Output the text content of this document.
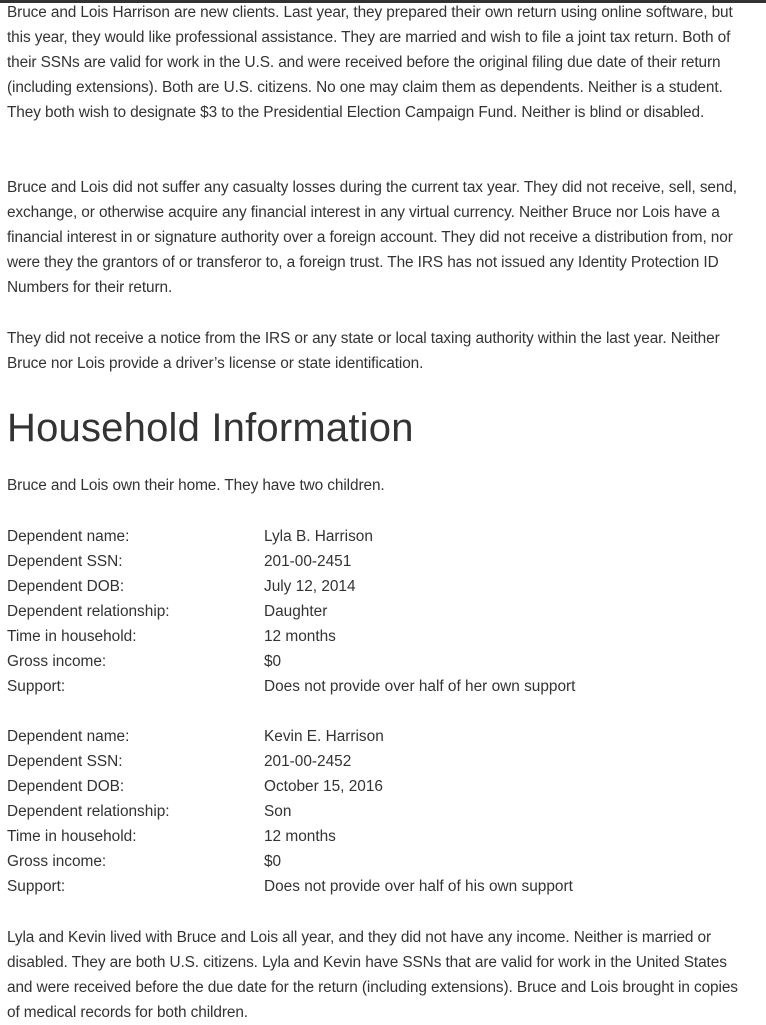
Bruce and Lois Harrison are new clients. Last year, they prepared their own return using online software, but this year, they would like professional assistance. They are married and wish to file a joint tax return. Both of their SSNs are valid for work in the U.S. and were received before the original filing due date of their return (including extensions). Both are U.S. citizens. No one may claim them as dependents. Neither is a student. They both wish to designate $3 to the Presidential Election Campaign Fund. Neither is blind or disabled.

Bruce and Lois did not suffer any casualty losses during the current tax year. They did not receive, sell, send, exchange, or otherwise acquire any financial interest in any virtual currency. Neither Bruce nor Lois have a financial interest in or signature authority over a foreign account. They did not receive a distribution from, nor were they the grantors of or transferor to, a foreign trust. The IRS has not issued any Identity Protection ID Numbers for their return.

They did not receive a notice from the IRS or any state or local taxing authority within the last year. Neither Bruce nor Lois provide a driver’s license or state identification.

Household Information

Bruce and Lois own their home. They have two children.

Dependent name:	Lyla B. Harrison
Dependent SSN:	201-00-2451
Dependent DOB:	July 12, 2014
Dependent relationship:	Daughter
Time in household:	12 months
Gross income:	$0
Support:	Does not provide over half of her own support
Dependent name:	Kevin E. Harrison
Dependent SSN:	201-00-2452
Dependent DOB:	October 15, 2016
Dependent relationship:	Son
Time in household:	12 months
Gross income:	$0
Support:	Does not provide over half of his own support

Lyla and Kevin lived with Bruce and Lois all year, and they did not have any income. Neither is married or disabled. They are both U.S. citizens. Lyla and Kevin have SSNs that are valid for work in the United States and were received before the due date for the return (including extensions). Bruce and Lois brought in copies of medical records for both children.
